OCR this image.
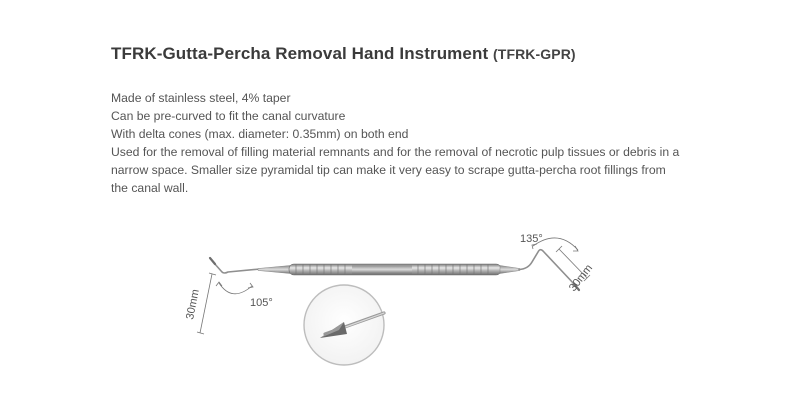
TFRK-Gutta-Percha Removal Hand Instrument (TFRK-GPR)
Made of stainless steel, 4% taper
Can be pre-curved to fit the canal curvature
With delta cones (max. diameter: 0.35mm) on both end
Used for the removal of filling material remnants and for the removal of necrotic pulp tissues or debris in a narrow space. Smaller size pyramidal tip can make it very easy to scrape gutta-percha root fillings from the canal wall.
30mm	105°
135°
30mm
